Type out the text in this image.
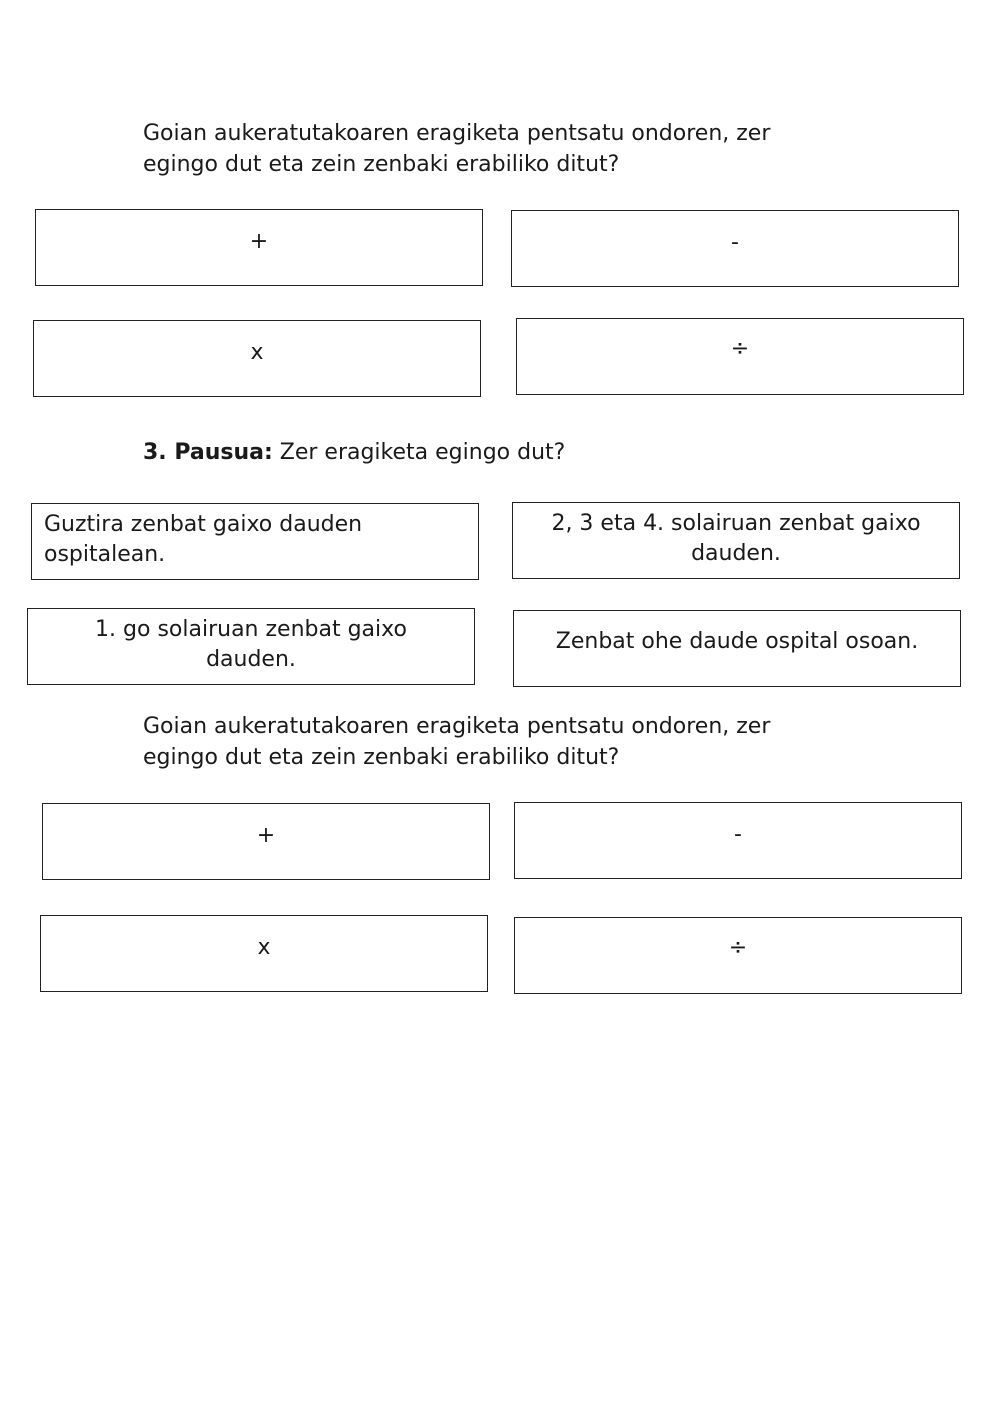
Goian aukeratutakoaren eragiketa pentsatu ondoren, zer
egingo dut eta zein zenbaki erabiliko ditut?

+	-
x	÷

3. Pausua: Zer eragiketa egingo dut?

Guztira zenbat gaixo dauden ospitalean.
2, 3 eta 4. solairuan zenbat gaixo dauden.
1. go solairuan zenbat gaixo dauden.
Zenbat ohe daude ospital osoan.

Goian aukeratutakoaren eragiketa pentsatu ondoren, zer
egingo dut eta zein zenbaki erabiliko ditut?

+	-
x	÷
